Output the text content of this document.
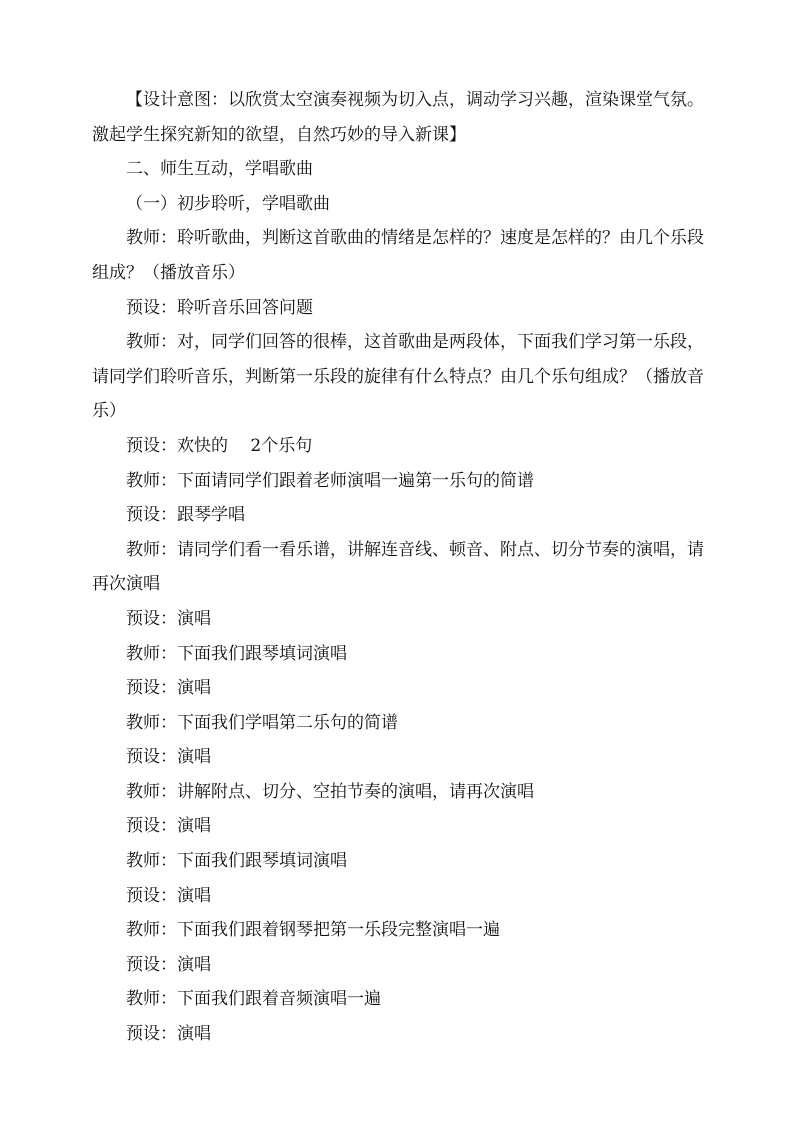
【设计意图：以欣赏太空演奏视频为切入点，调动学习兴趣，渲染课堂气氛。激起学生探究新知的欲望，自然巧妙的导入新课】

二、师生互动，学唱歌曲

（一）初步聆听，学唱歌曲

教师：聆听歌曲，判断这首歌曲的情绪是怎样的？速度是怎样的？由几个乐段组成？（播放音乐）

预设：聆听音乐回答问题

教师：对，同学们回答的很棒，这首歌曲是两段体，下面我们学习第一乐段，请同学们聆听音乐，判断第一乐段的旋律有什么特点？由几个乐句组成？（播放音乐）

预设：欢快的　 2个乐句

教师：下面请同学们跟着老师演唱一遍第一乐句的简谱

预设：跟琴学唱

教师：请同学们看一看乐谱，讲解连音线、顿音、附点、切分节奏的演唱，请再次演唱

预设：演唱

教师：下面我们跟琴填词演唱

预设：演唱

教师：下面我们学唱第二乐句的简谱

预设：演唱

教师：讲解附点、切分、空拍节奏的演唱，请再次演唱

预设：演唱

教师：下面我们跟琴填词演唱

预设：演唱

教师：下面我们跟着钢琴把第一乐段完整演唱一遍

预设：演唱

教师：下面我们跟着音频演唱一遍

预设：演唱
